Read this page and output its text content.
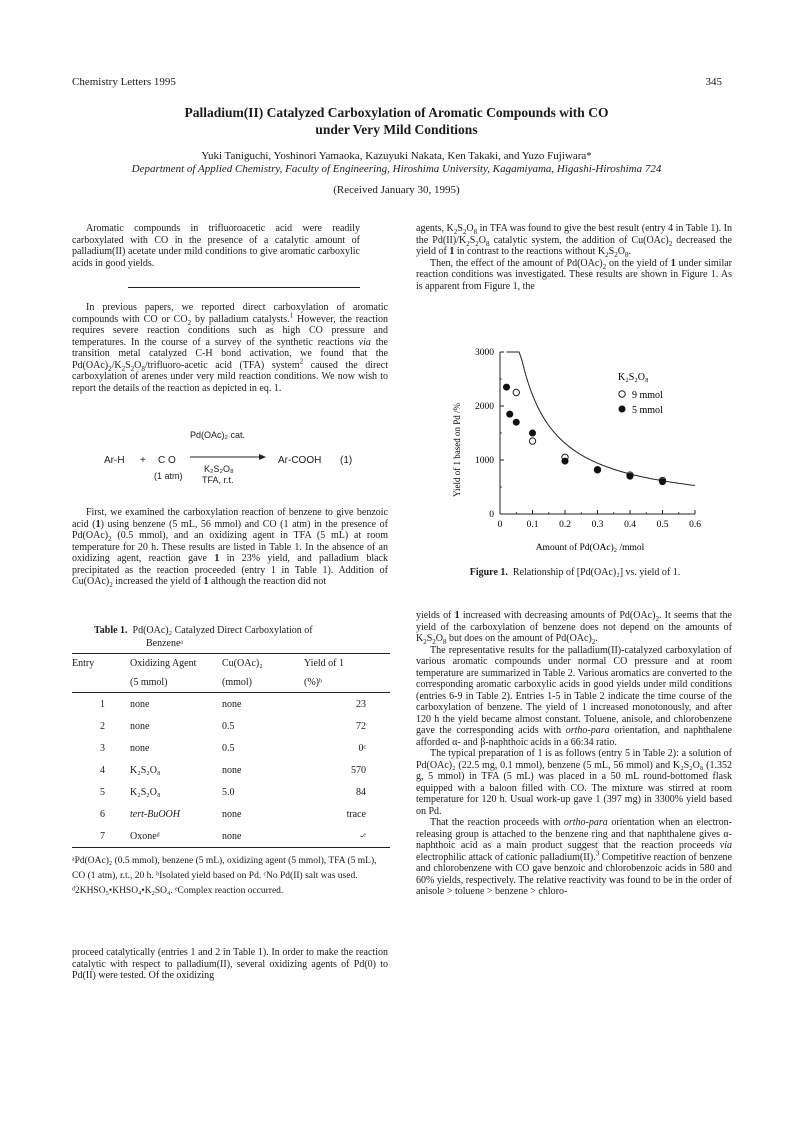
Chemistry Letters 1995	345
Palladium(II) Catalyzed Carboxylation of Aromatic Compounds with CO
under Very Mild Conditions
Yuki Taniguchi, Yoshinori Yamaoka, Kazuyuki Nakata, Ken Takaki, and Yuzo Fujiwara*
Department of Applied Chemistry, Faculty of Engineering, Hiroshima University, Kagamiyama, Higashi-Hiroshima 724
(Received January 30, 1995)
Aromatic compounds in trifluoroacetic acid were readily carboxylated with CO in the presence of a catalytic amount of palladium(II) acetate under mild conditions to give aromatic carboxylic acids in good yields.

In previous papers, we reported direct carboxylation of aromatic compounds with CO or $CO_2$ by palladium catalysts.$^1$ However, the reaction requires severe reaction conditions such as high CO pressure and temperatures. In the course of a survey of the synthetic reactions via the transition metal catalyzed C-H bond activation, we found that the $Pd(OAc)_2/K_2S_2O_8/trifluoro$-acetic acid (TFA) system$^2$ caused the direct carboxylation of arenes under very mild reaction conditions. We now wish to report the details of the reaction as depicted in eq. 1.

Pd(OAc)₂ cat.
Ar-H + C O
(1 atm)
K₂S₂O₈
TFA, r.t.
Ar-COOH (1)

First, we examined the carboxylation reaction of benzene to give benzoic acid (1) using benzene (5 mL, 56 mmol) and CO (1 atm) in the presence of $Pd(OAc)_2$ (0.5 mmol), and an oxidizing agent in TFA (5 mL) at room temperature for 20 h. These results are listed in Table 1. In the absence of an oxidizing agent, reaction gave 1 in 23% yield, and palladium black precipitated as the reaction proceeded (entry 1 in Table 1). Addition of $Cu(OAc)_2$ increased the yield of 1 although the reaction did not

Table 1. Pd(OAc)₂ Catalyzed Direct Carboxylation of
Benzeneᵃ
Entry	Oxidizing Agent	Cu(OAc)₂	Yield of 1
	(5 mmol)	(mmol)	(%)ᵇ
1	none	none	23
2	none	0.5	72
3	none	0.5	0ᶜ
4	K₂S₂O₈	none	570
5	K₂S₂O₈	5.0	84
6	tert-BuOOH	none	trace
7	Oxoneᵈ	none	-ᵉ
ᵃPd(OAc)₂ (0.5 mmol), benzene (5 mL), oxidizing agent (5 mmol), TFA (5 mL), CO (1 atm), r.t., 20 h. ᵇIsolated yield based on Pd. ᶜNo Pd(II) salt was used. ᵈ2KHSO₅•KHSO₄•K₂SO₄. ᵉComplex reaction occurred.

proceed catalytically (entries 1 and 2 in Table 1). In order to make the reaction catalytic with respect to palladium(II), several oxidizing agents of Pd(0) to Pd(II) were tested. Of the oxidizing

agents, $K_2S_2O_8$ in TFA was found to give the best result (entry 4 in Table 1). In the $Pd(II)/K_2S_2O_8$ catalytic system, the addition of $Cu(OAc)_2$ decreased the yield of 1 in contrast to the reactions without $K_2S_2O_8$.

Then, the effect of the amount of $Pd(OAc)_2$ on the yield of 1 under similar reaction conditions was investigated. These results are shown in Figure 1. As is apparent from Figure 1, the

0	0.1 0.2 0.3 0.4 0.5 0.6
0
1000
2000
3000
Yield of 1 based on Pd /%
Amount of Pd(OAc)₂ /mmol
K₂S₂O₈
9 mmol
5 mmol
Figure 1. Relationship of [Pd(OAc)₂] vs. yield of 1.

yields of 1 increased with decreasing amounts of $Pd(OAc)_2$. It seems that the yield of the carboxylation of benzene does not depend on the amounts of $K_2S_2O_8$ but does on the amount of $Pd(OAc)_2$.

The representative results for the palladium(II)-catalyzed carboxylation of various aromatic compounds under normal CO pressure and at room temperature are summarized in Table 2. Various aromatics are converted to the corresponding aromatic carboxylic acids in good yields under mild conditions (entries 6-9 in Table 2). Entries 1-5 in Table 2 indicate the time course of the carboxylation of benzene. The yield of 1 increased monotonously, and after 120 h the yield became almost constant. Toluene, anisole, and chlorobenzene gave the corresponding acids with ortho-para orientation, and naphthalene afforded α- and β-naphthoic acids in a 66:34 ratio.

The typical preparation of 1 is as follows (entry 5 in Table 2): a solution of Pd(OAc)₂ (22.5 mg, 0.1 mmol), benzene (5 mL, 56 mmol) and K₂S₂O₈ (1.352 g, 5 mmol) in TFA (5 mL) was placed in a 50 mL round-bottomed flask equipped with a baloon filled with CO. The mixture was stirred at room temperature for 120 h. Usual work-up gave 1 (397 mg) in 3300% yield based on Pd.

That the reaction proceeds with ortho-para orientation when an electron-releasing group is attached to the benzene ring and that naphthalene gives α-naphthoic acid as a main product suggest that the reaction proceeds via electrophilic attack of cationic palladium(II).$^3$ Competitive reaction of benzene and chlorobenzene with CO gave benzoic and chlorobenzoic acids in 580 and 60% yields, respectively. The relative reactivity was found to be in the order of anisole > toluene > benzene > chloro-
